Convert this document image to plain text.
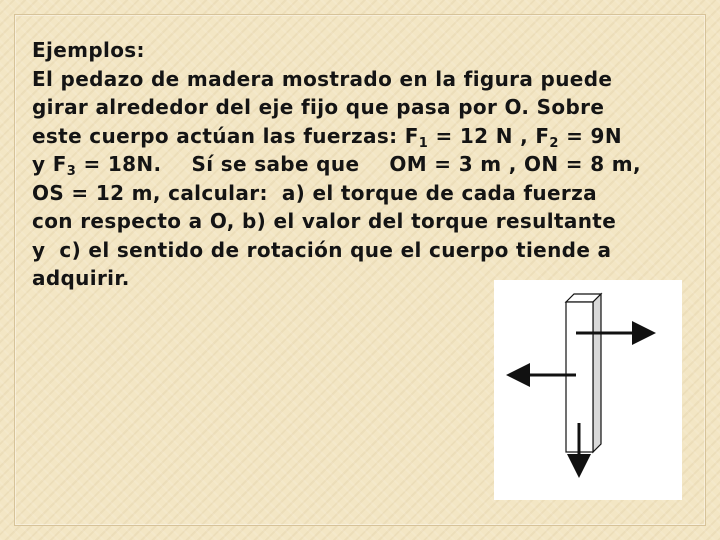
Ejemplos:
El pedazo de madera mostrado en la figura puede
girar alrededor del eje fijo que pasa por O. Sobre
este cuerpo actúan las fuerzas: $F_1 = 12$ N , $F_2 = 9N$
y $F_3 = 18N$. Sí se sabe que OM = 3 m , ON = 8 m,
OS = 12 m, calcular: a) el torque de cada fuerza
con respecto a O, b) el valor del torque resultante
y c) el sentido de rotación que el cuerpo tiende a
adquirir.
